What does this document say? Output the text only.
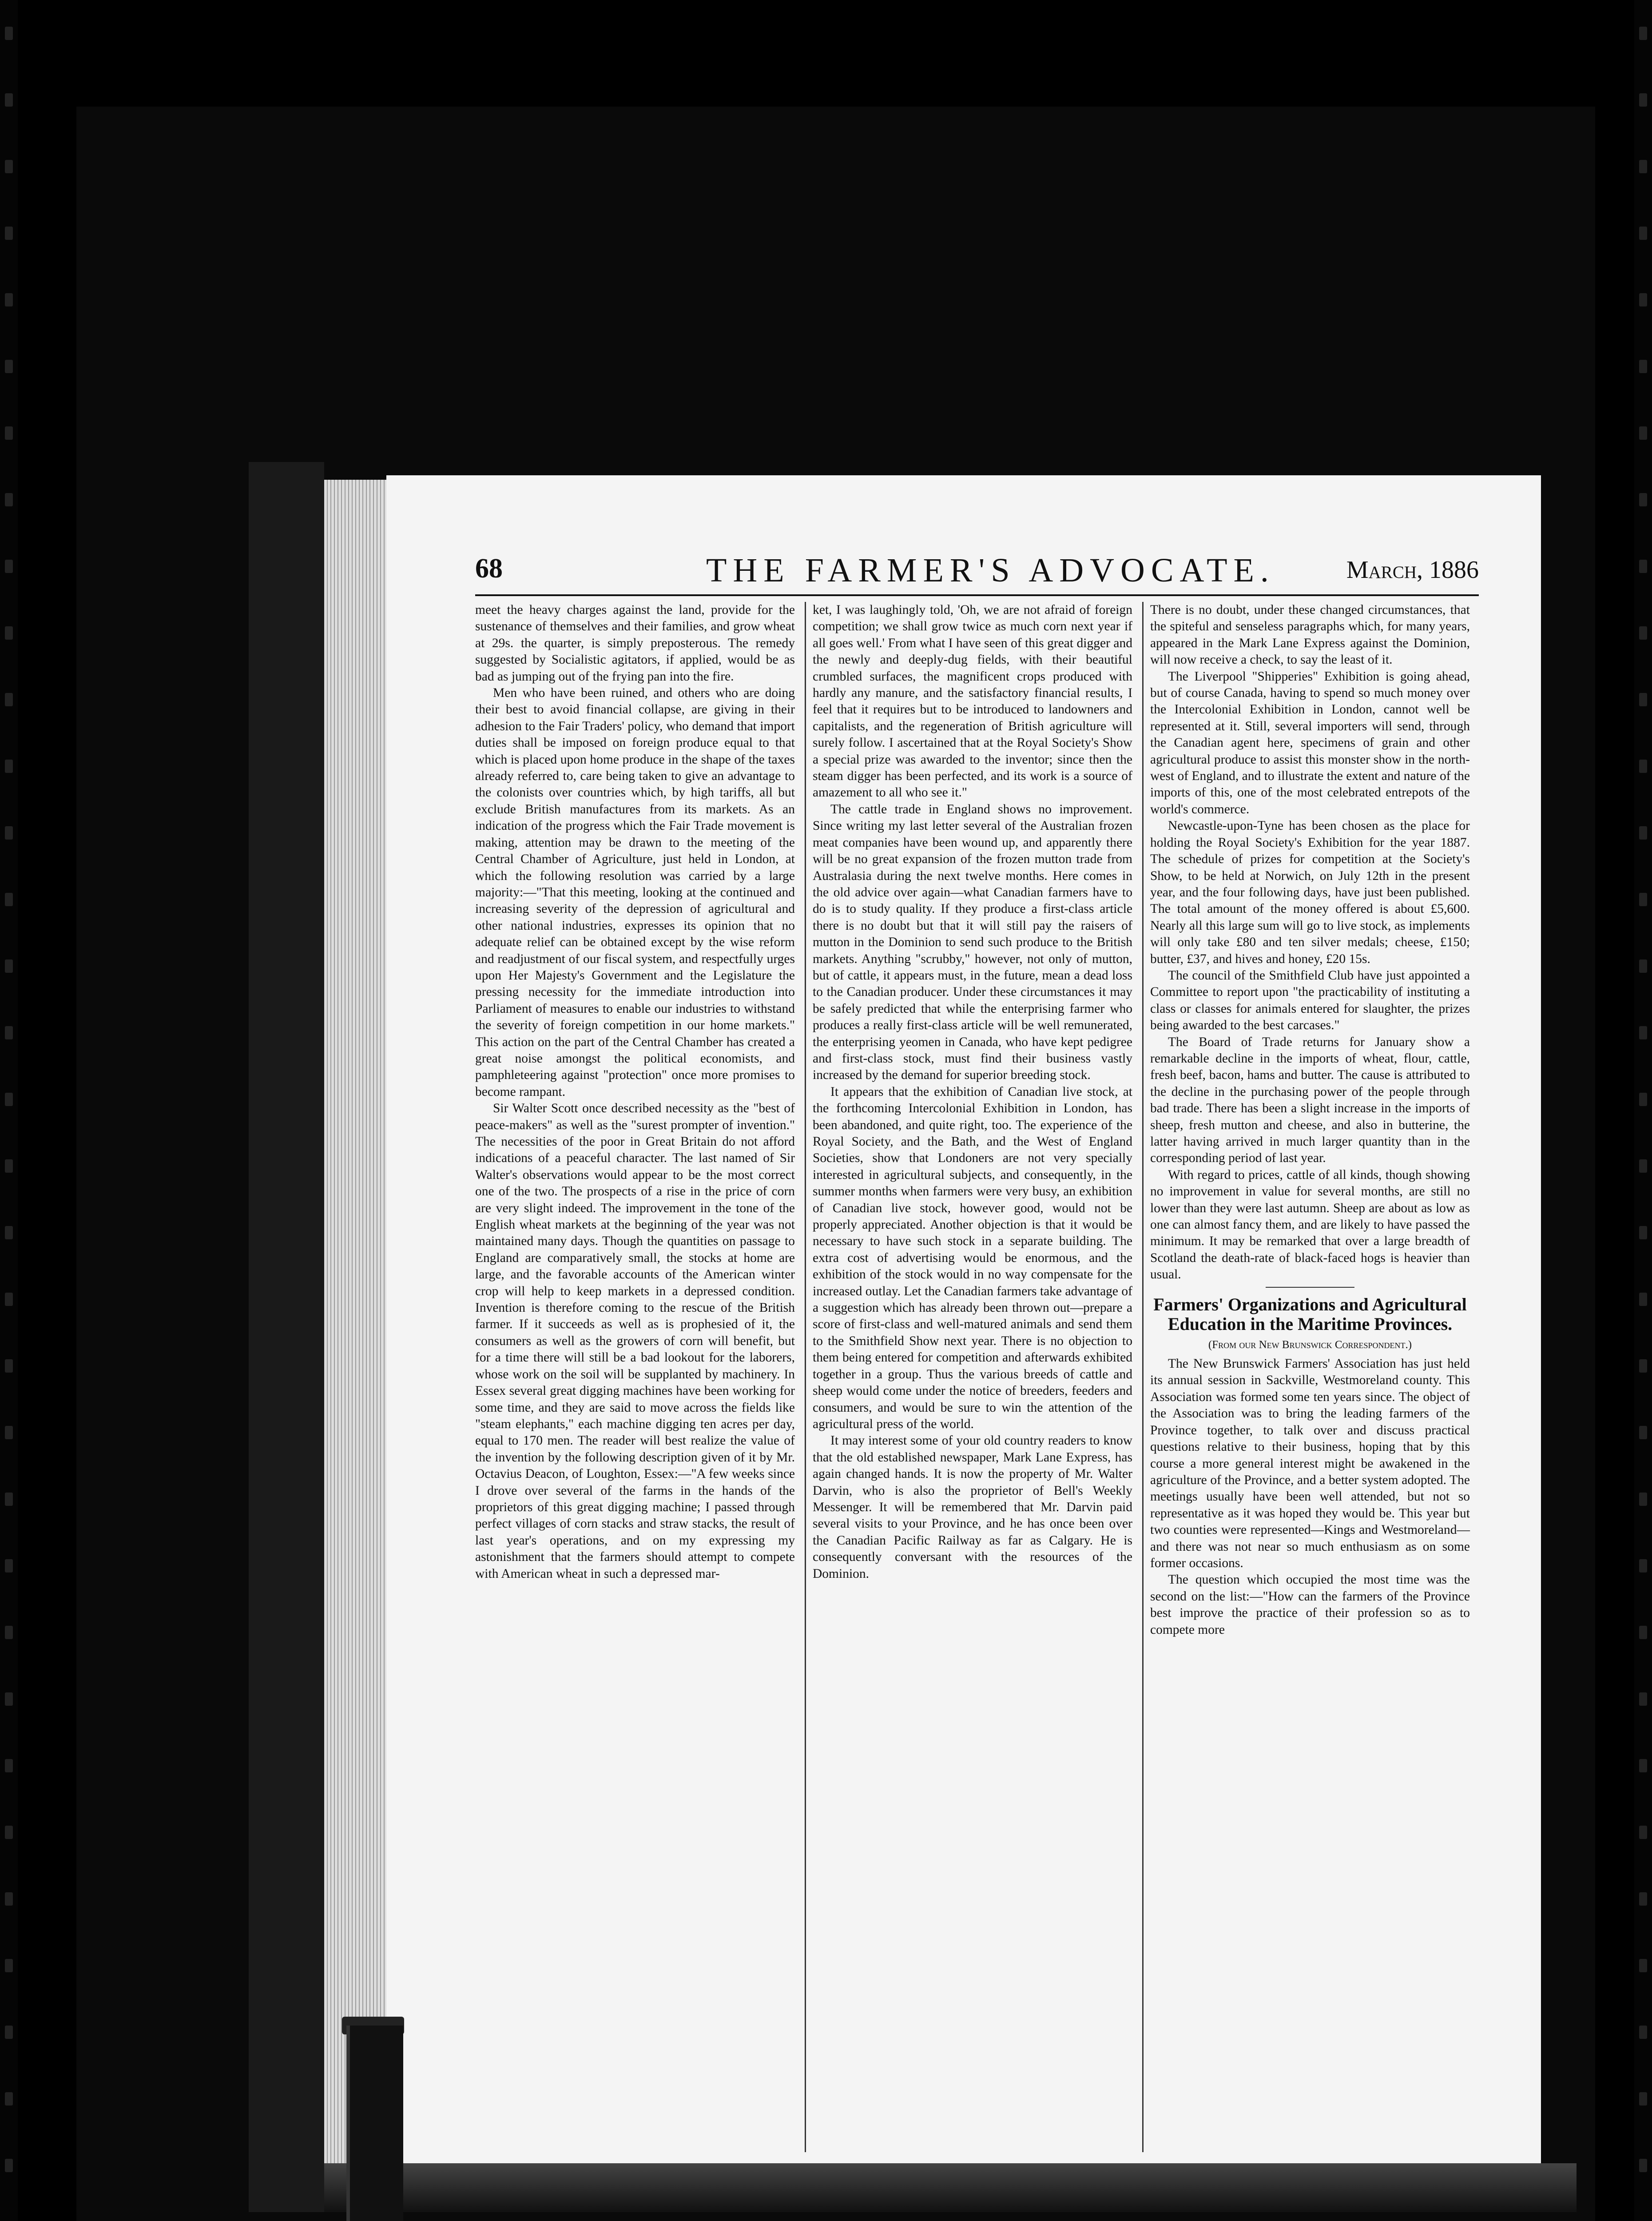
68	THE FARMER'S ADVOCATE.	March, 1886

meet the heavy charges against the land, provide for the sustenance of themselves and their families, and grow wheat at 29s. the quarter, is simply preposterous. The remedy suggested by Socialistic agitators, if applied, would be as bad as jumping out of the frying pan into the fire.

Men who have been ruined, and others who are doing their best to avoid financial collapse, are giving in their adhesion to the Fair Traders' policy, who demand that import duties shall be imposed on foreign produce equal to that which is placed upon home produce in the shape of the taxes already referred to, care being taken to give an advantage to the colonists over countries which, by high tariffs, all but exclude British manufactures from its markets. As an indication of the progress which the Fair Trade movement is making, attention may be drawn to the meeting of the Central Chamber of Agriculture, just held in London, at which the following resolution was carried by a large majority:—"That this meeting, looking at the continued and increasing severity of the depression of agricultural and other national industries, expresses its opinion that no adequate relief can be obtained except by the wise reform and readjustment of our fiscal system, and respectfully urges upon Her Majesty's Government and the Legislature the pressing necessity for the immediate introduction into Parliament of measures to enable our industries to withstand the severity of foreign competition in our home markets." This action on the part of the Central Chamber has created a great noise amongst the political economists, and pamphleteering against "protection" once more promises to become rampant.

Sir Walter Scott once described necessity as the "best of peace-makers" as well as the "surest prompter of invention." The necessities of the poor in Great Britain do not afford indications of a peaceful character. The last named of Sir Walter's observations would appear to be the most correct one of the two. The prospects of a rise in the price of corn are very slight indeed. The improvement in the tone of the English wheat markets at the beginning of the year was not maintained many days. Though the quantities on passage to England are comparatively small, the stocks at home are large, and the favorable accounts of the American winter crop will help to keep markets in a depressed condition. Invention is therefore coming to the rescue of the British farmer. If it succeeds as well as is prophesied of it, the consumers as well as the growers of corn will benefit, but for a time there will still be a bad lookout for the laborers, whose work on the soil will be supplanted by machinery. In Essex several great digging machines have been working for some time, and they are said to move across the fields like "steam elephants," each machine digging ten acres per day, equal to 170 men. The reader will best realize the value of the invention by the following description given of it by Mr. Octavius Deacon, of Loughton, Essex:—"A few weeks since I drove over several of the farms in the hands of the proprietors of this great digging machine; I passed through perfect villages of corn stacks and straw stacks, the result of last year's operations, and on my expressing my astonishment that the farmers should attempt to compete with American wheat in such a depressed mar-

ket, I was laughingly told, 'Oh, we are not afraid of foreign competition; we shall grow twice as much corn next year if all goes well.' From what I have seen of this great digger and the newly and deeply-dug fields, with their beautiful crumbled surfaces, the magnificent crops produced with hardly any manure, and the satisfactory financial results, I feel that it requires but to be introduced to landowners and capitalists, and the regeneration of British agriculture will surely follow. I ascertained that at the Royal Society's Show a special prize was awarded to the inventor; since then the steam digger has been perfected, and its work is a source of amazement to all who see it."

The cattle trade in England shows no improvement. Since writing my last letter several of the Australian frozen meat companies have been wound up, and apparently there will be no great expansion of the frozen mutton trade from Australasia during the next twelve months. Here comes in the old advice over again—what Canadian farmers have to do is to study quality. If they produce a first-class article there is no doubt but that it will still pay the raisers of mutton in the Dominion to send such produce to the British markets. Anything "scrubby," however, not only of mutton, but of cattle, it appears must, in the future, mean a dead loss to the Canadian producer. Under these circumstances it may be safely predicted that while the enterprising farmer who produces a really first-class article will be well remunerated, the enterprising yeomen in Canada, who have kept pedigree and first-class stock, must find their business vastly increased by the demand for superior breeding stock.

It appears that the exhibition of Canadian live stock, at the forthcoming Intercolonial Exhibition in London, has been abandoned, and quite right, too. The experience of the Royal Society, and the Bath, and the West of England Societies, show that Londoners are not very specially interested in agricultural subjects, and consequently, in the summer months when farmers were very busy, an exhibition of Canadian live stock, however good, would not be properly appreciated. Another objection is that it would be necessary to have such stock in a separate building. The extra cost of advertising would be enormous, and the exhibition of the stock would in no way compensate for the increased outlay. Let the Canadian farmers take advantage of a suggestion which has already been thrown out—prepare a score of first-class and well-matured animals and send them to the Smithfield Show next year. There is no objection to them being entered for competition and afterwards exhibited together in a group. Thus the various breeds of cattle and sheep would come under the notice of breeders, feeders and consumers, and would be sure to win the attention of the agricultural press of the world.

It may interest some of your old country readers to know that the old established newspaper, Mark Lane Express, has again changed hands. It is now the property of Mr. Walter Darvin, who is also the proprietor of Bell's Weekly Messenger. It will be remembered that Mr. Darvin paid several visits to your Province, and he has once been over the Canadian Pacific Railway as far as Calgary. He is consequently conversant with the resources of the Dominion.

There is no doubt, under these changed circumstances, that the spiteful and senseless paragraphs which, for many years, appeared in the Mark Lane Express against the Dominion, will now receive a check, to say the least of it.

The Liverpool "Shipperies" Exhibition is going ahead, but of course Canada, having to spend so much money over the Intercolonial Exhibition in London, cannot well be represented at it. Still, several importers will send, through the Canadian agent here, specimens of grain and other agricultural produce to assist this monster show in the north-west of England, and to illustrate the extent and nature of the imports of this, one of the most celebrated entrepots of the world's commerce.

Newcastle-upon-Tyne has been chosen as the place for holding the Royal Society's Exhibition for the year 1887. The schedule of prizes for competition at the Society's Show, to be held at Norwich, on July 12th in the present year, and the four following days, have just been published. The total amount of the money offered is about £5,600. Nearly all this large sum will go to live stock, as implements will only take £80 and ten silver medals; cheese, £150; butter, £37, and hives and honey, £20 15s.

The council of the Smithfield Club have just appointed a Committee to report upon "the practicability of instituting a class or classes for animals entered for slaughter, the prizes being awarded to the best carcases."

The Board of Trade returns for January show a remarkable decline in the imports of wheat, flour, cattle, fresh beef, bacon, hams and butter. The cause is attributed to the decline in the purchasing power of the people through bad trade. There has been a slight increase in the imports of sheep, fresh mutton and cheese, and also in butterine, the latter having arrived in much larger quantity than in the corresponding period of last year.

With regard to prices, cattle of all kinds, though showing no improvement in value for several months, are still no lower than they were last autumn. Sheep are about as low as one can almost fancy them, and are likely to have passed the minimum. It may be remarked that over a large breadth of Scotland the death-rate of black-faced hogs is heavier than usual.

Farmers' Organizations and Agricultural Education in the Maritime Provinces.
(From our New Brunswick Correspondent.)

The New Brunswick Farmers' Association has just held its annual session in Sackville, Westmoreland county. This Association was formed some ten years since. The object of the Association was to bring the leading farmers of the Province together, to talk over and discuss practical questions relative to their business, hoping that by this course a more general interest might be awakened in the agriculture of the Province, and a better system adopted. The meetings usually have been well attended, but not so representative as it was hoped they would be. This year but two counties were represented—Kings and Westmoreland—and there was not near so much enthusiasm as on some former occasions.

The question which occupied the most time was the second on the list:—"How can the farmers of the Province best improve the practice of their profession so as to compete more
